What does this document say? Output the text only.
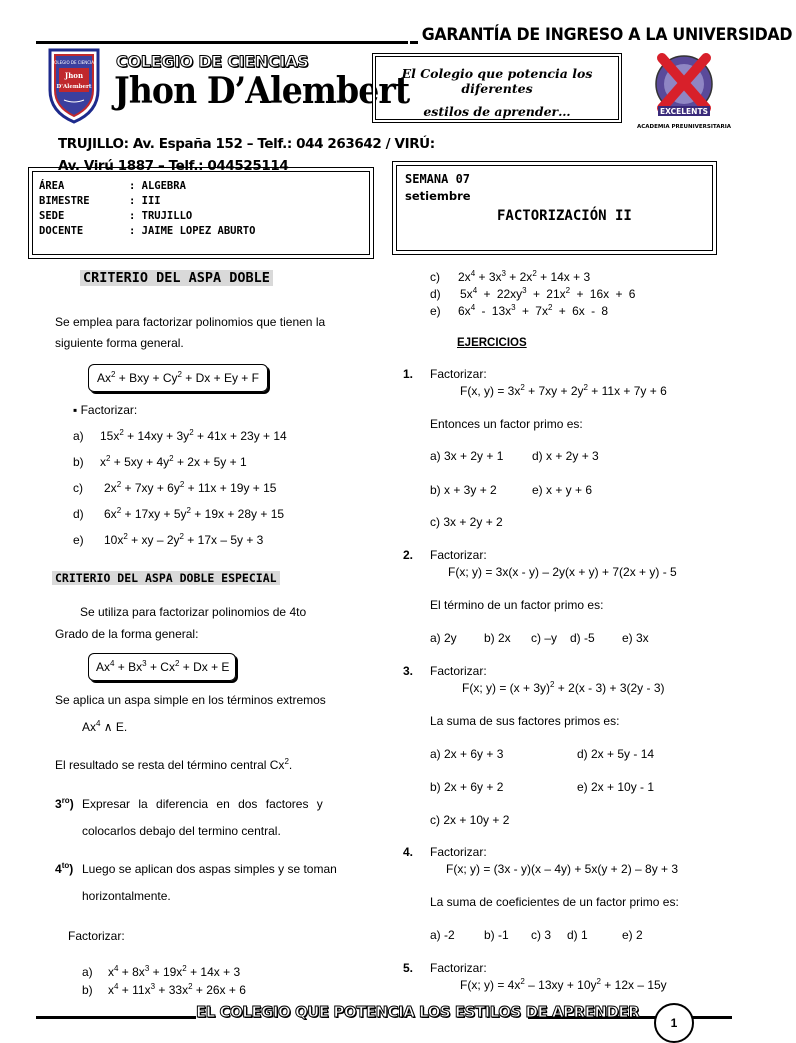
GARANTÍA DE INGRESO A LA UNIVERSIDAD
COLEGIO DE CIENCIAS
Jhon
D'Alembert
COLEGIO DE CIENCIAS
Jhon D’Alembert
El Colegio que potencia los diferentes
estilos de aprender…	EXCELENTS
ACADEMIA PREUNIVERSITARIA
TRUJILLO: Av. España 152 – Telf.: 044 263642 / VIRÚ: Av. Virú 1887 – Telf.: 044525114
ÁREA	: ALGEBRA
BIMESTRE	: III
SEDE	: TRUJILLO
DOCENTE	: JAIME LOPEZ ABURTO
SEMANA 07
setiembre
FACTORIZACIÓN II
CRITERIO DEL ASPA DOBLE
Se emplea para factorizar polinomios que tienen la
siguiente forma general.
$Ax^2$ + Bxy + $Cy^2 + Dx + Ey + F$
▪ Factorizar:
a) $15x^2 + 14xy + 3y^2 + 41x + 23y + 14$
b) $x^2 + 5xy + 4y^2 + 2x + 5y + 1$
c) $2x^2 + 7xy + 6y^2 + 11x + 19y + 15$
d) $6x^2 + 17xy + 5y^2 + 19x + 28y + 15$
e) $10x^2$ + xy – $2y^2 + 17x - 5y + 3$
CRITERIO DEL ASPA DOBLE ESPECIAL
Se utiliza para factorizar polinomios de 4to
Grado de la forma general:
$Ax^4 + Bx^3 + Cx^2 + Dx + E$
Se aplica un aspa simple en los términos extremos
Ax$^4$ ∧ E.
El resultado se resta del término central Cx$^2$.
$3^{ro}$) Expresar la diferencia en dos factores y
colocarlos debajo del termino central.
$4^{to}$) Luego se aplican dos aspas simples y se toman
horizontalmente.
Factorizar:
a) $x^4 + 8x^3 + 19x^2 + 14x + 3$
b) $x^4 + 11x^3 + 33x^2 + 26x + 6$
c) $2x^4 + 3x^3 + 2x^2 + 14x + 3$
d) $5x^4 + 22xy^3 + 21x^2 + 16x + 6$
e) $6x^4 - 13x^3 + 7x^2 + 6x - 8$
EJERCICIOS
1. Factorizar:
F(x, $y) = 3x^2 + 7xy + 2y^2 + 11x + 7y + 6$
Entonces un factor primo es:
a) 3x + 2y + 1 d) x + 2y + 3
b) x + 3y + 2	e) x + y + 6
c) 3x + 2y + 2
2. Factorizar:
F(x; y) = 3x(x - y) – 2y(x + y) + 7(2x + y) - 5
El término de un factor primo es:
a) 2y b) 2x c) –y d) -5 e) 3x
3. Factorizar:
F(x; $y) = (x + 3y)^2 + 2(x - 3) + 3(2y - 3)$
La suma de sus factores primos es:
a) 2x + 6y + 3	d) 2x + 5y - 14
b) 2x + 6y + 2	e) 2x + 10y - 1
c) 2x + 10y + 2
4. Factorizar:
F(x; y) = (3x - y)(x – 4y) + 5x(y + 2) – 8y + 3
La suma de coeficientes de un factor primo es:
a) -2 b) -1 c) 3 d) 1	e) 2
5. Factorizar:
F(x; $y) = 4x^2 - 13xy + 10y^2 + 12x - 15y$
EL COLEGIO QUE POTENCIA LOS ESTILOS DE APRENDER
1
